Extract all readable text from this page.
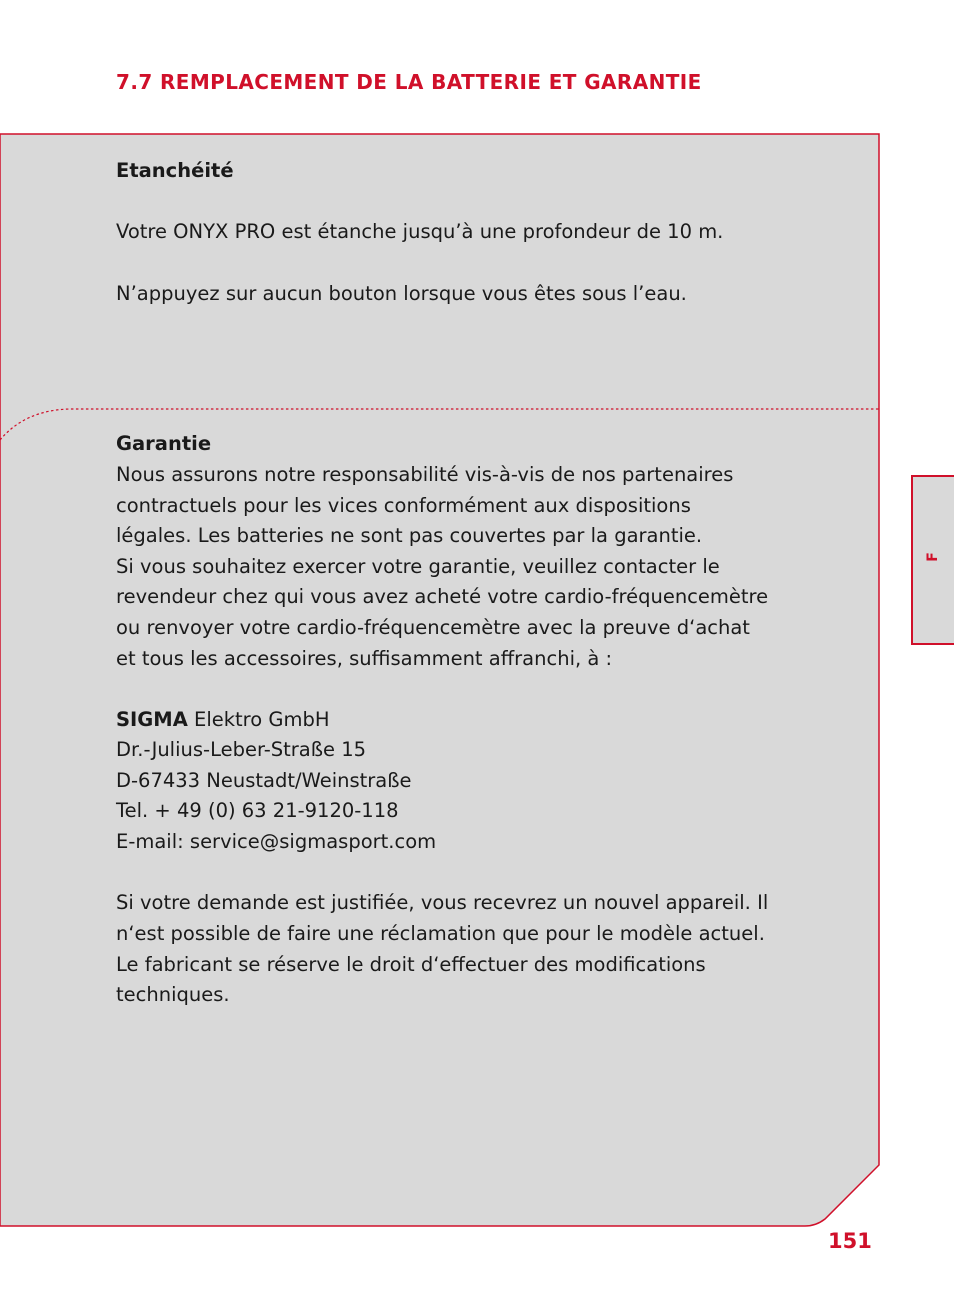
7.7 REMPLACEMENT DE LA BATTERIE ET GARANTIE
Etanchéité
Votre ONYX PRO est étanche jusqu’à une profondeur de 10 m.
N’appuyez sur aucun bouton lorsque vous êtes sous l’eau.
Garantie
Nous assurons notre responsabilité vis-à-vis de nos partenaires
contractuels pour les vices conformément aux dispositions
légales. Les batteries ne sont pas couvertes par la garantie.
Si vous souhaitez exercer votre garantie, veuillez contacter le
revendeur chez qui vous avez acheté votre cardio-fréquencemètre
ou renvoyer votre cardio-fréquencemètre avec la preuve d‘achat
et tous les accessoires, suffisamment affranchi, à :
SIGMA Elektro GmbH
Dr.-Julius-Leber-Straße 15
D-67433 Neustadt/Weinstraße
Tel. + 49 (0) 63 21-9120-118
E-mail: service@sigmasport.com
Si votre demande est justifiée, vous recevrez un nouvel appareil. Il
n‘est possible de faire une réclamation que pour le modèle actuel.
Le fabricant se réserve le droit d‘effectuer des modifications
techniques.
F
151
